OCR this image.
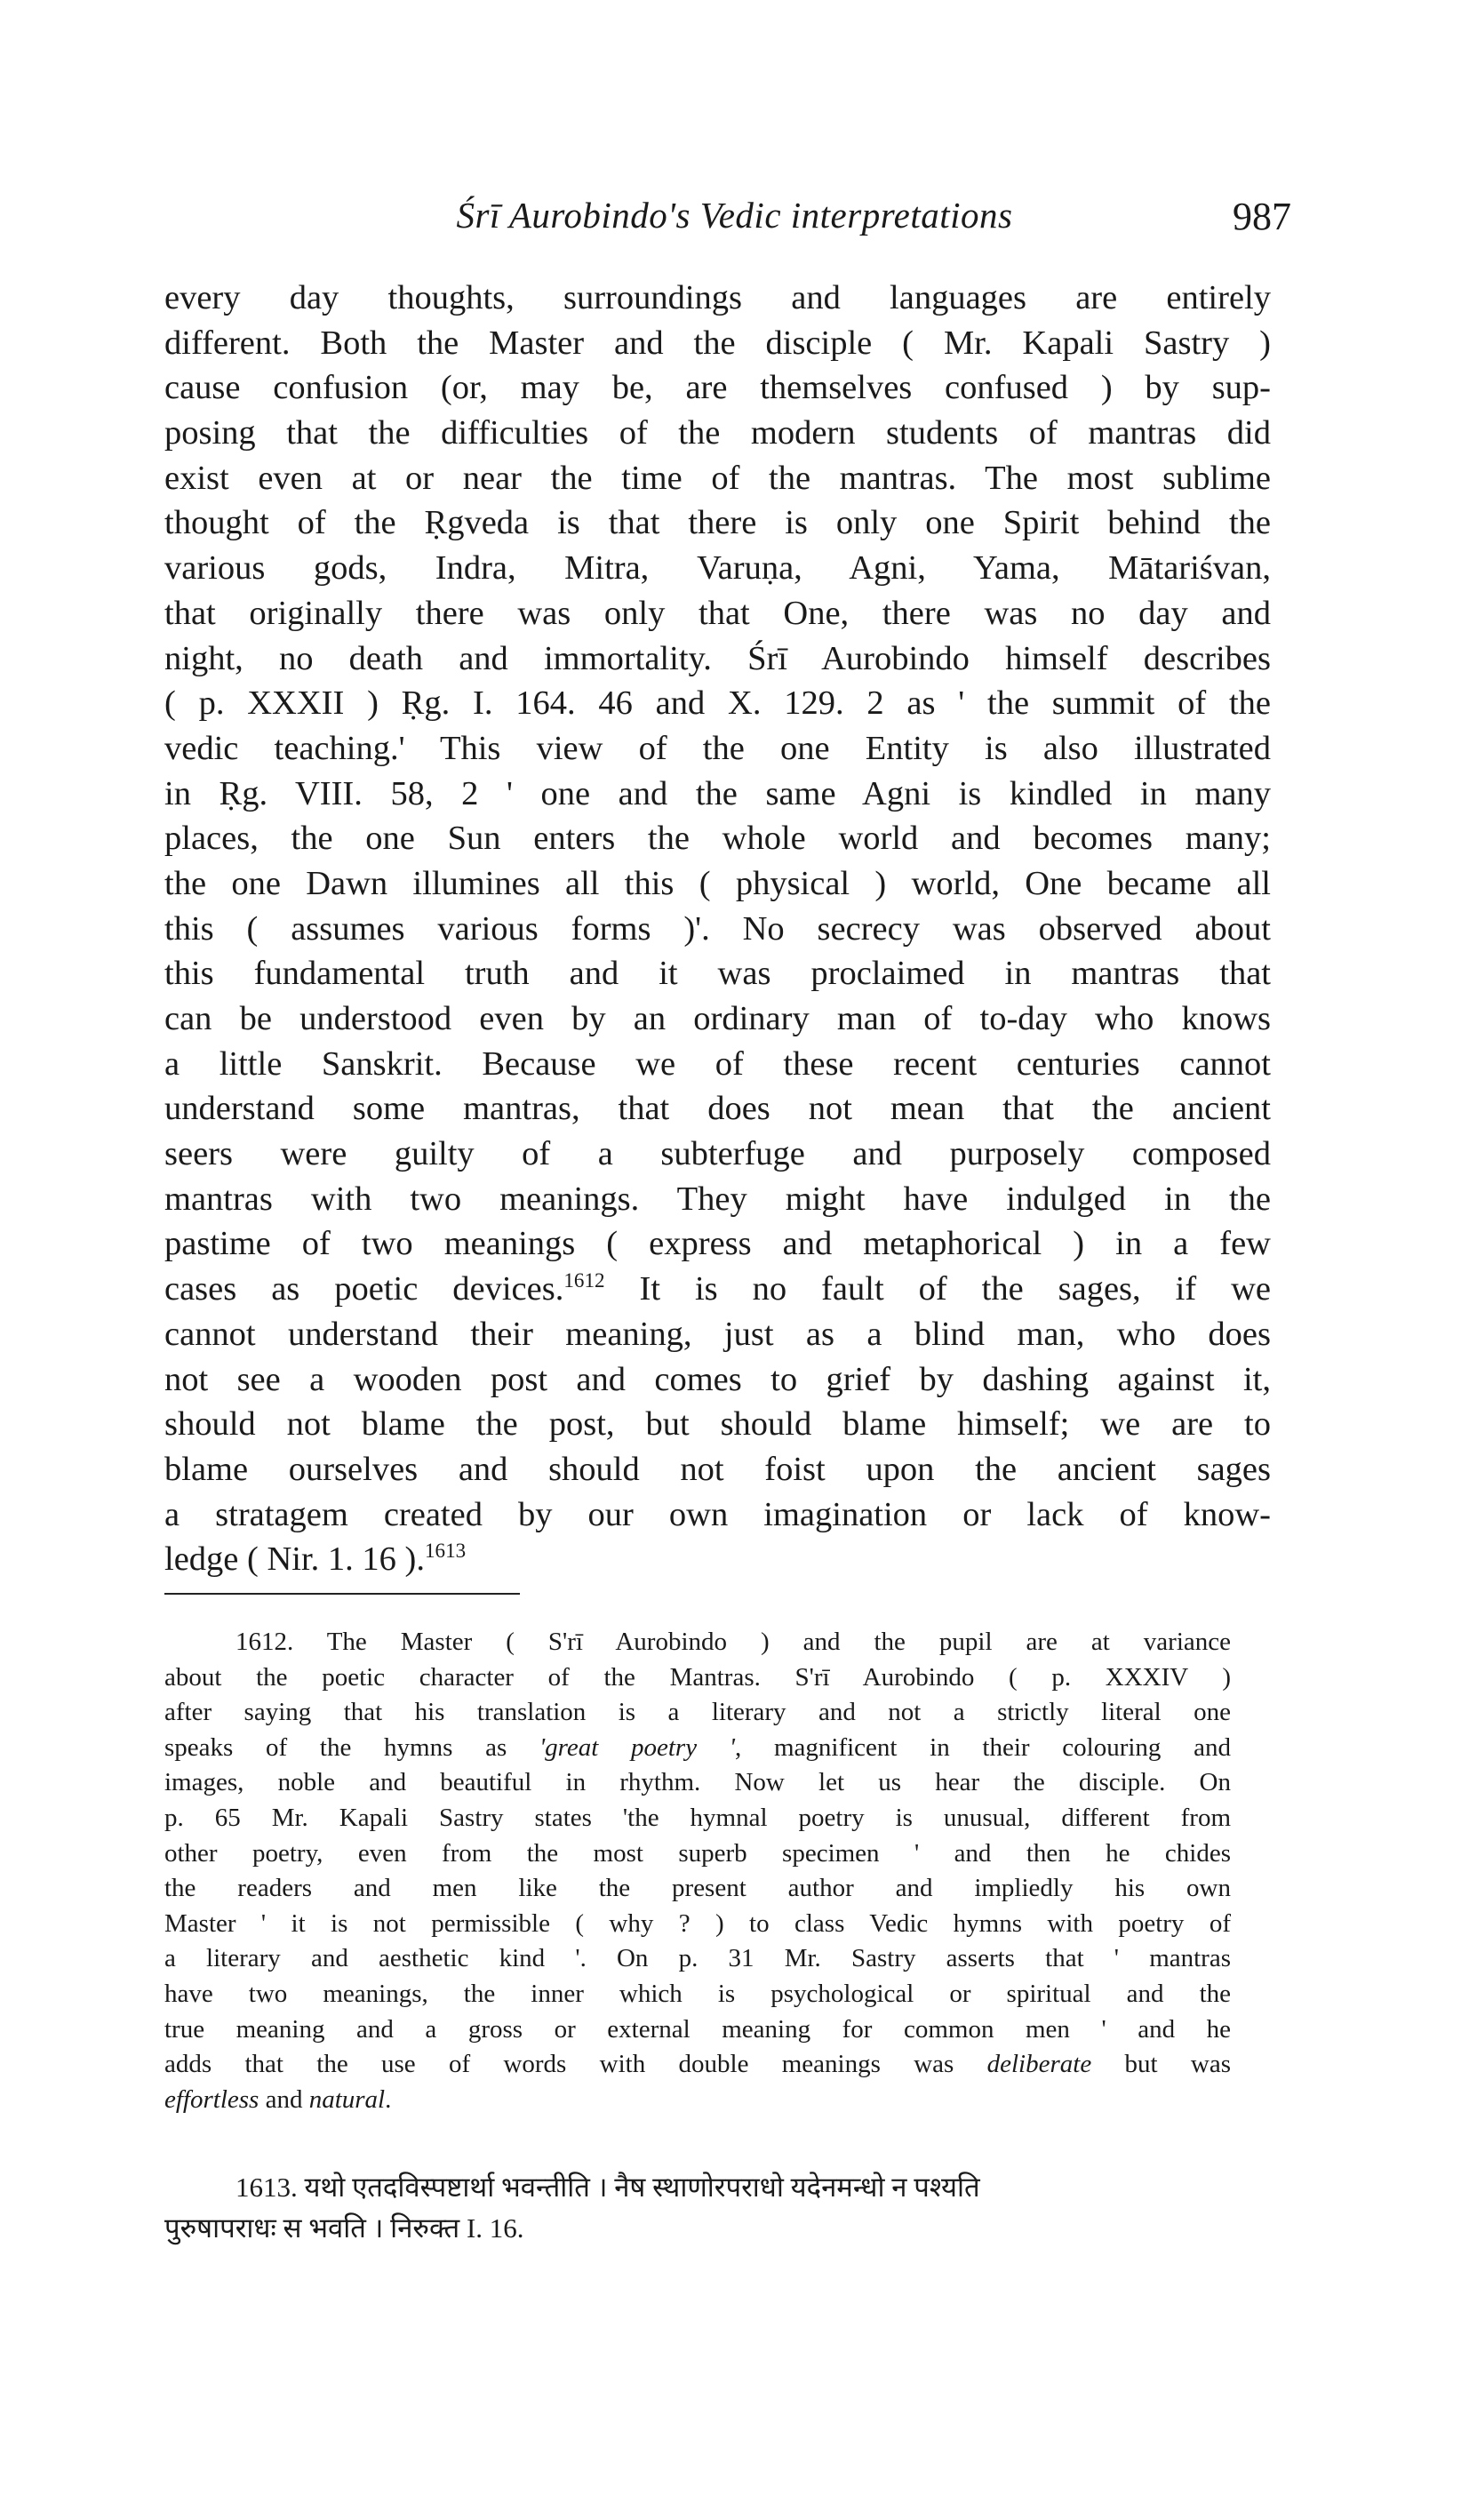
Śrī Aurobindo's Vedic interpretations	987
every day thoughts, surroundings and languages are entirely
different. Both the Master and the disciple ( Mr. Kapali Sastry )
cause confusion (or, may be, are themselves confused ) by sup-
posing that the difficulties of the modern students of mantras did
exist even at or near the time of the mantras. The most sublime
thought of the Ṛgveda is that there is only one Spirit behind the
various gods, Indra, Mitra, Varuṇa, Agni, Yama, Mātariśvan,
that originally there was only that One, there was no day and
night, no death and immortality. Śrī Aurobindo himself describes
( p. XXXII ) Ṛg. I. 164. 46 and X. 129. 2 as ' the summit of the
vedic teaching.' This view of the one Entity is also illustrated
in Ṛg. VIII. 58, 2 ' one and the same Agni is kindled in many
places, the one Sun enters the whole world and becomes many;
the one Dawn illumines all this ( physical ) world, One became all
this ( assumes various forms )'. No secrecy was observed about
this fundamental truth and it was proclaimed in mantras that
can be understood even by an ordinary man of to-day who knows
a little Sanskrit. Because we of these recent centuries cannot
understand some mantras, that does not mean that the ancient
seers were guilty of a subterfuge and purposely composed
mantras with two meanings. They might have indulged in the
pastime of two meanings ( express and metaphorical ) in a few
cases as poetic devices.$^{1612}$ It is no fault of the sages, if we
cannot understand their meaning, just as a blind man, who does
not see a wooden post and comes to grief by dashing against it,
should not blame the post, but should blame himself; we are to
blame ourselves and should not foist upon the ancient sages
a stratagem created by our own imagination or lack of know-
ledge ( Nir. 1. 16 ).$^{1613}$
1612. The Master ( S'rī Aurobindo ) and the pupil are at variance
about the poetic character of the Mantras. S'rī Aurobindo ( p. XXXIV )
after saying that his translation is a literary and not a strictly literal one
speaks of the hymns as 'great poetry ', magnificent in their colouring and
images, noble and beautiful in rhythm. Now let us hear the disciple. On
p. 65 Mr. Kapali Sastry states 'the hymnal poetry is unusual, different from
other poetry, even from the most superb specimen ' and then he chides
the readers and men like the present author and impliedly his own
Master ' it is not permissible ( why ? ) to class Vedic hymns with poetry of
a literary and aesthetic kind '. On p. 31 Mr. Sastry asserts that ' mantras
have two meanings, the inner which is psychological or spiritual and the
true meaning and a gross or external meaning for common men ' and he
adds that the use of words with double meanings was deliberate but was
effortless and natural.
1613. यथो एतदविस्पष्टार्था भवन्तीति । नैष स्थाणोरपराधो यदेनमन्धो न पश्यति
पुरुषापराधः स भवति । निरुक्त I. 16.
